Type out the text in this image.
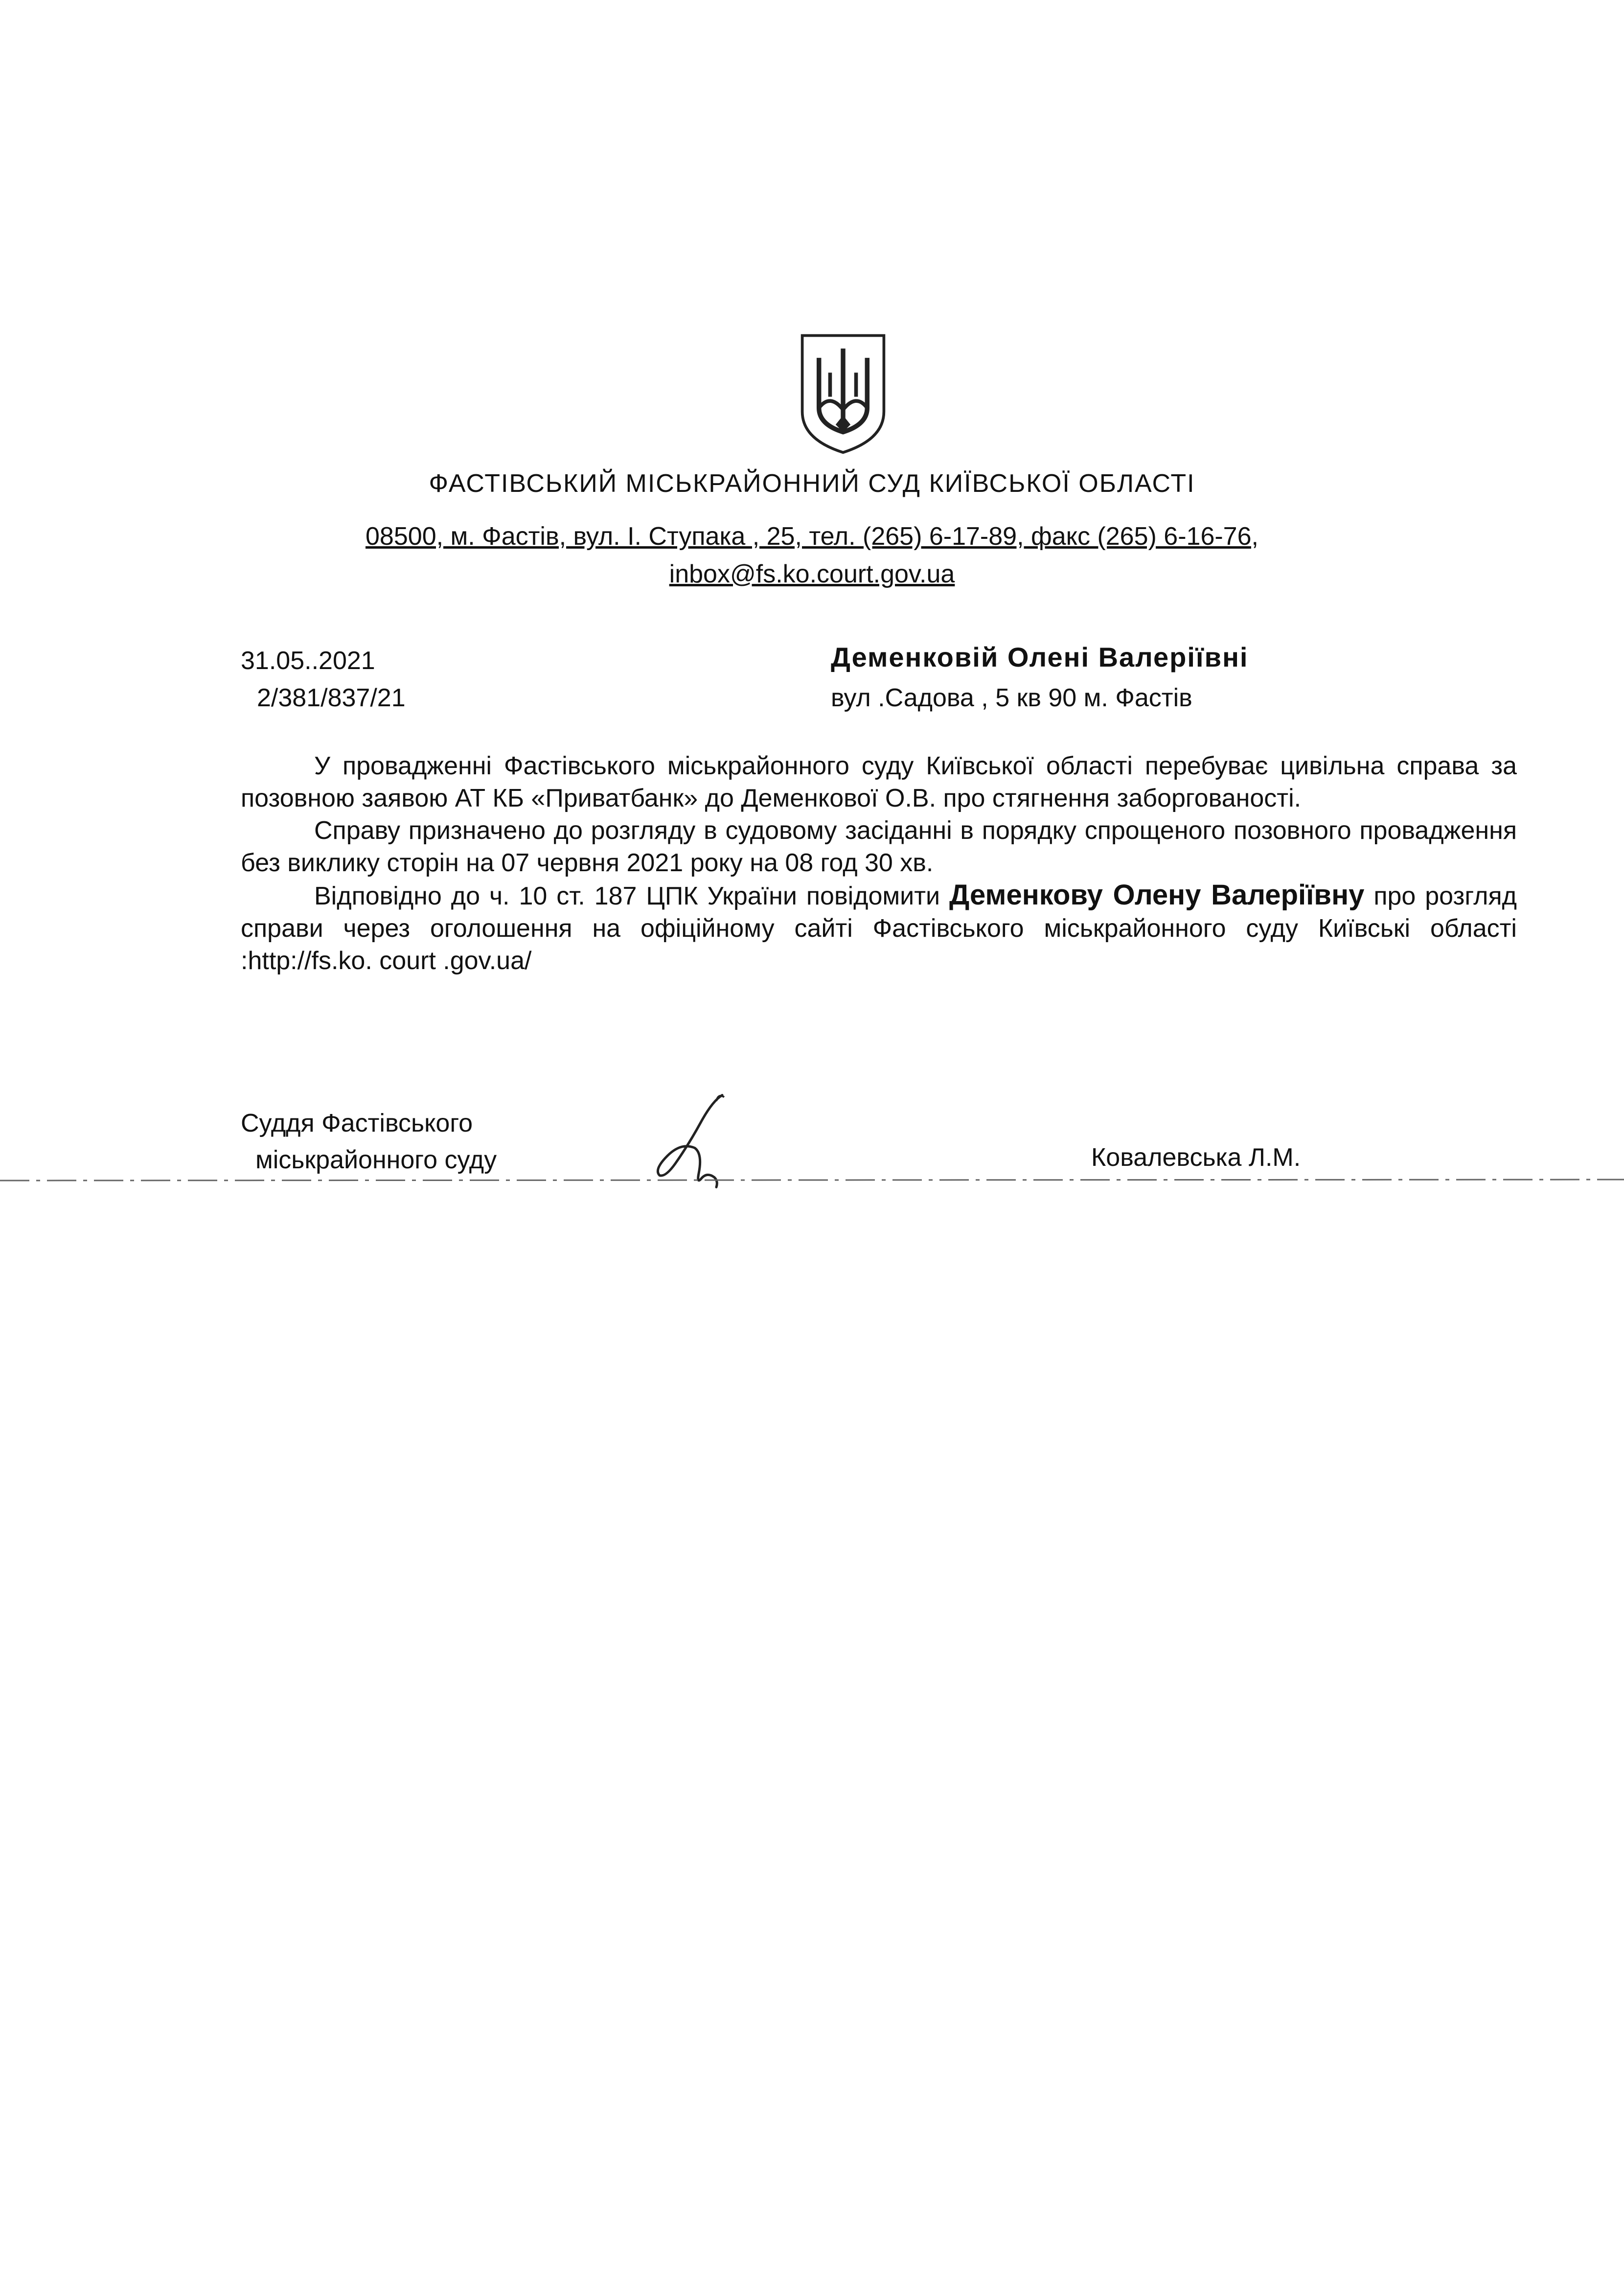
ФАСТІВСЬКИЙ МІСЬКРАЙОННИЙ СУД КИЇВСЬКОЇ ОБЛАСТІ
08500, м. Фастів, вул. І. Ступака , 25, тел. (265) 6-17-89, факс (265) 6-16-76,
inbox@fs.ko.court.gov.ua
31.05..2021
2/381/837/21
Деменковій Олені Валеріївні
вул .Садова , 5 кв 90 м. Фастів

У провадженні Фастівського міськрайонного суду Київської області перебуває цивільна справа за позовною заявою АТ КБ «Приватбанк» до Деменкової О.В. про стягнення заборгованості.

Справу призначено до розгляду в судовому засіданні в порядку спрощеного позовного провадження без виклику сторін на 07 червня 2021 року на 08 год 30 хв.

Відповідно до ч. 10 ст. 187 ЦПК України повідомити Деменкову Олену Валеріївну про розгляд справи через оголошення на офіційному сайті Фастівського міськрайонного суду Київські області :http://fs.ko. court .gov.ua/

Суддя Фастівського
міськрайонного суду	Ковалевська Л.М.
